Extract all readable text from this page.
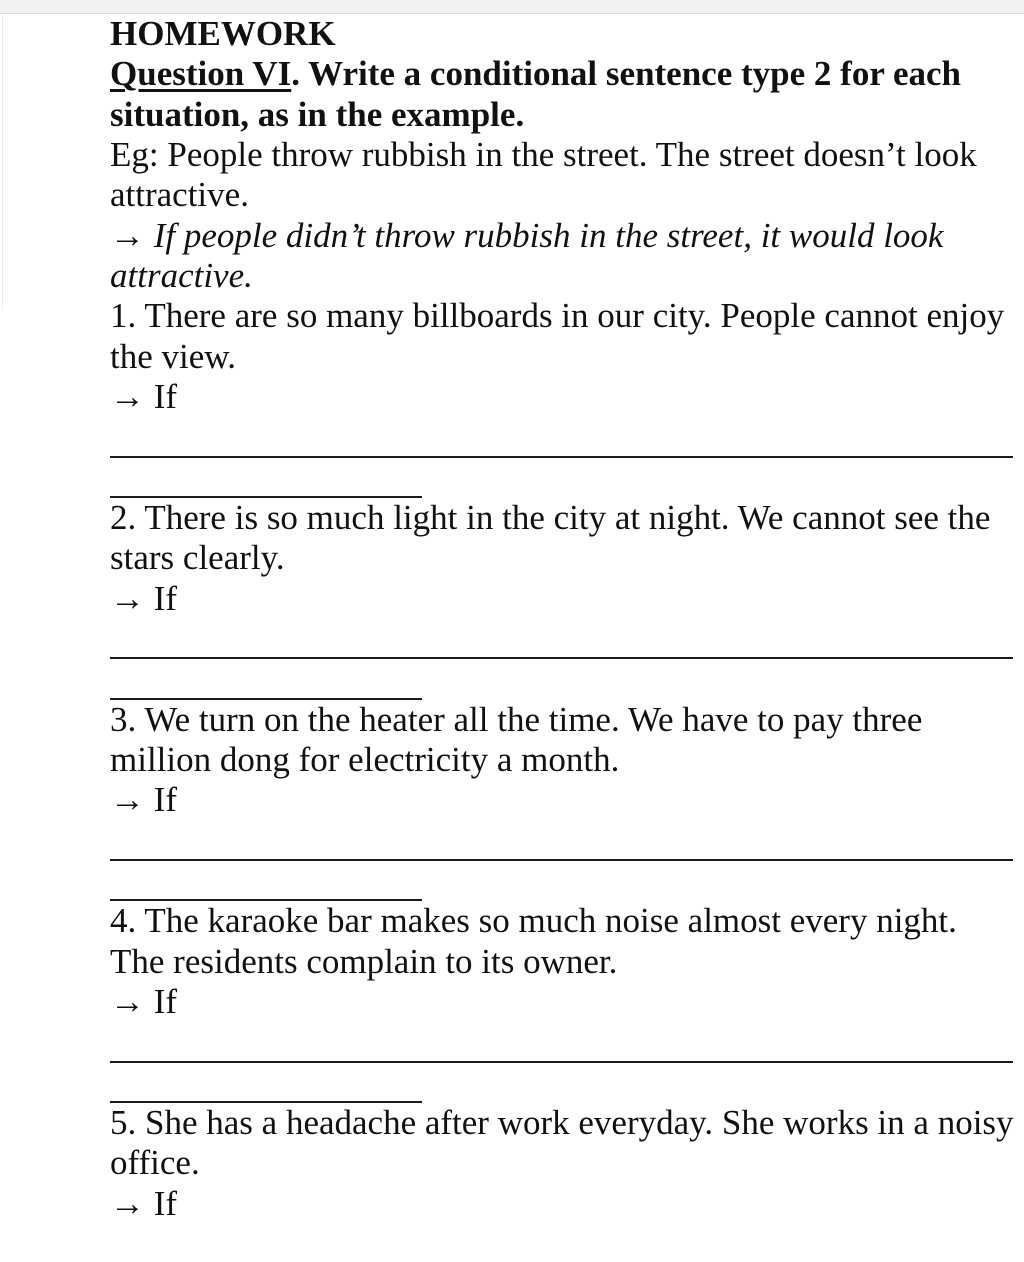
HOMEWORK
Question VI. Write a conditional sentence type 2 for each
situation, as in the example.
Eg: People throw rubbish in the street. The street doesn’t look
attractive.
→ If people didn’t throw rubbish in the street, it would look
attractive.
1. There are so many billboards in our city. People cannot enjoy
the view.
→ If
2. There is so much light in the city at night. We cannot see the
stars clearly.
→ If
3. We turn on the heater all the time. We have to pay three
million dong for electricity a month.
→ If
4. The karaoke bar makes so much noise almost every night.
The residents complain to its owner.
→ If
5. She has a headache after work everyday. She works in a noisy
office.
→ If
